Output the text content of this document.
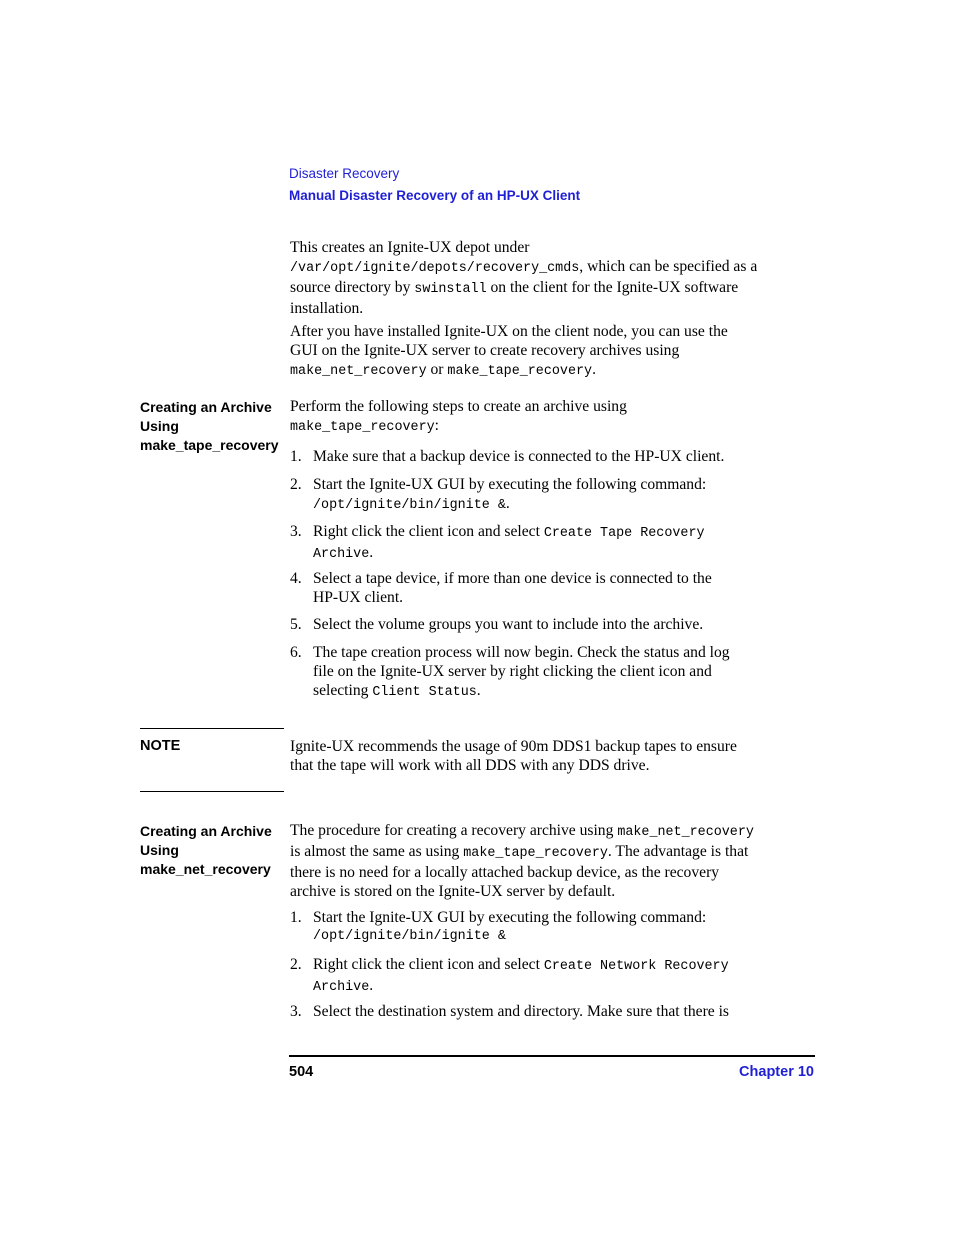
Disaster Recovery
Manual Disaster Recovery of an HP-UX Client
This creates an Ignite-UX depot under
/var/opt/ignite/depots/recovery_cmds, which can be specified as a
source directory by swinstall on the client for the Ignite-UX software
installation.
After you have installed Ignite-UX on the client node, you can use the
GUI on the Ignite-UX server to create recovery archives using
make_net_recovery or make_tape_recovery.
Creating an Archive
Using
make_tape_recovery
Perform the following steps to create an archive using
make_tape_recovery:
1. Make sure that a backup device is connected to the HP-UX client.
2. Start the Ignite-UX GUI by executing the following command:
/opt/ignite/bin/ignite &.
3. Right click the client icon and select Create Tape Recovery
Archive.
4. Select a tape device, if more than one device is connected to the
HP-UX client.
5. Select the volume groups you want to include into the archive.
6. The tape creation process will now begin. Check the status and log
file on the Ignite-UX server by right clicking the client icon and
selecting Client Status.
NOTE	Ignite-UX recommends the usage of 90m DDS1 backup tapes to ensure
that the tape will work with all DDS with any DDS drive.
Creating an Archive
Using
make_net_recovery
The procedure for creating a recovery archive using make_net_recovery
is almost the same as using make_tape_recovery. The advantage is that
there is no need for a locally attached backup device, as the recovery
archive is stored on the Ignite-UX server by default.
1. Start the Ignite-UX GUI by executing the following command:
/opt/ignite/bin/ignite &
2. Right click the client icon and select Create Network Recovery
Archive.
3. Select the destination system and directory. Make sure that there is
504	Chapter 10
